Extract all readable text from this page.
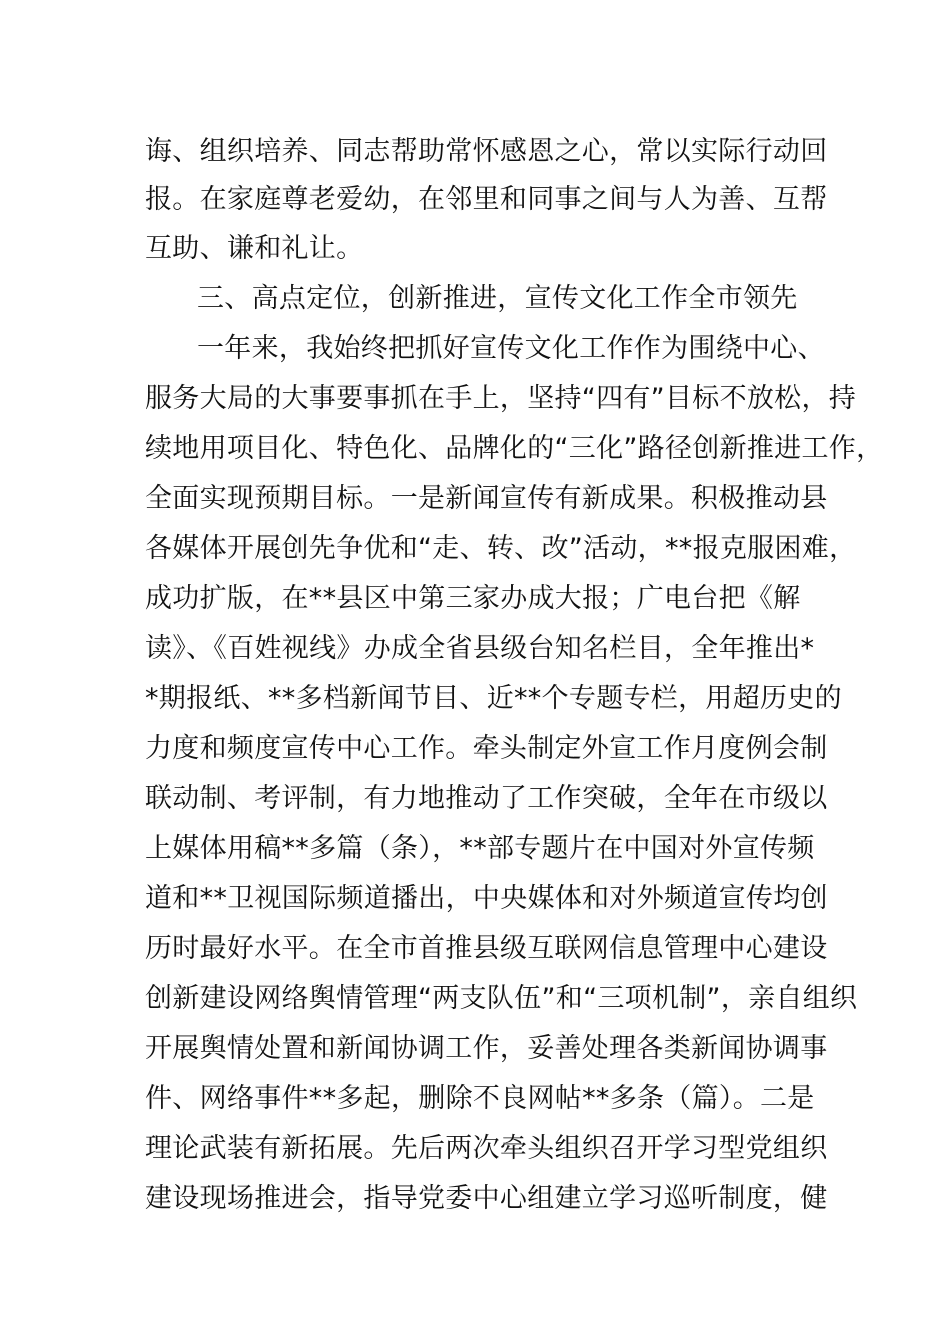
诲、组织培养、同志帮助常怀感恩之心，常以实际行动回
报。在家庭尊老爱幼，在邻里和同事之间与人为善、互帮
互助、谦和礼让。
三、高点定位，创新推进，宣传文化工作全市领先
一年来，我始终把抓好宣传文化工作作为围绕中心、
服务大局的大事要事抓在手上，坚持“四有”目标不放松，持
续地用项目化、特色化、品牌化的“三化”路径创新推进工作，
全面实现预期目标。一是新闻宣传有新成果。积极推动县
各媒体开展创先争优和“走、转、改”活动，**报克服困难，
成功扩版，在**县区中第三家办成大报；广电台把《解
读》、《百姓视线》办成全省县级台知名栏目，全年推出*
*期报纸、**多档新闻节目、近**个专题专栏，用超历史的
力度和频度宣传中心工作。牵头制定外宣工作月度例会制
联动制、考评制，有力地推动了工作突破，全年在市级以
上媒体用稿**多篇（条），**部专题片在中国对外宣传频
道和**卫视国际频道播出，中央媒体和对外频道宣传均创
历时最好水平。在全市首推县级互联网信息管理中心建设
创新建设网络舆情管理“两支队伍”和“三项机制”，亲自组织
开展舆情处置和新闻协调工作，妥善处理各类新闻协调事
件、网络事件**多起，删除不良网帖**多条（篇）。二是
理论武装有新拓展。先后两次牵头组织召开学习型党组织
建设现场推进会，指导党委中心组建立学习巡听制度，健
